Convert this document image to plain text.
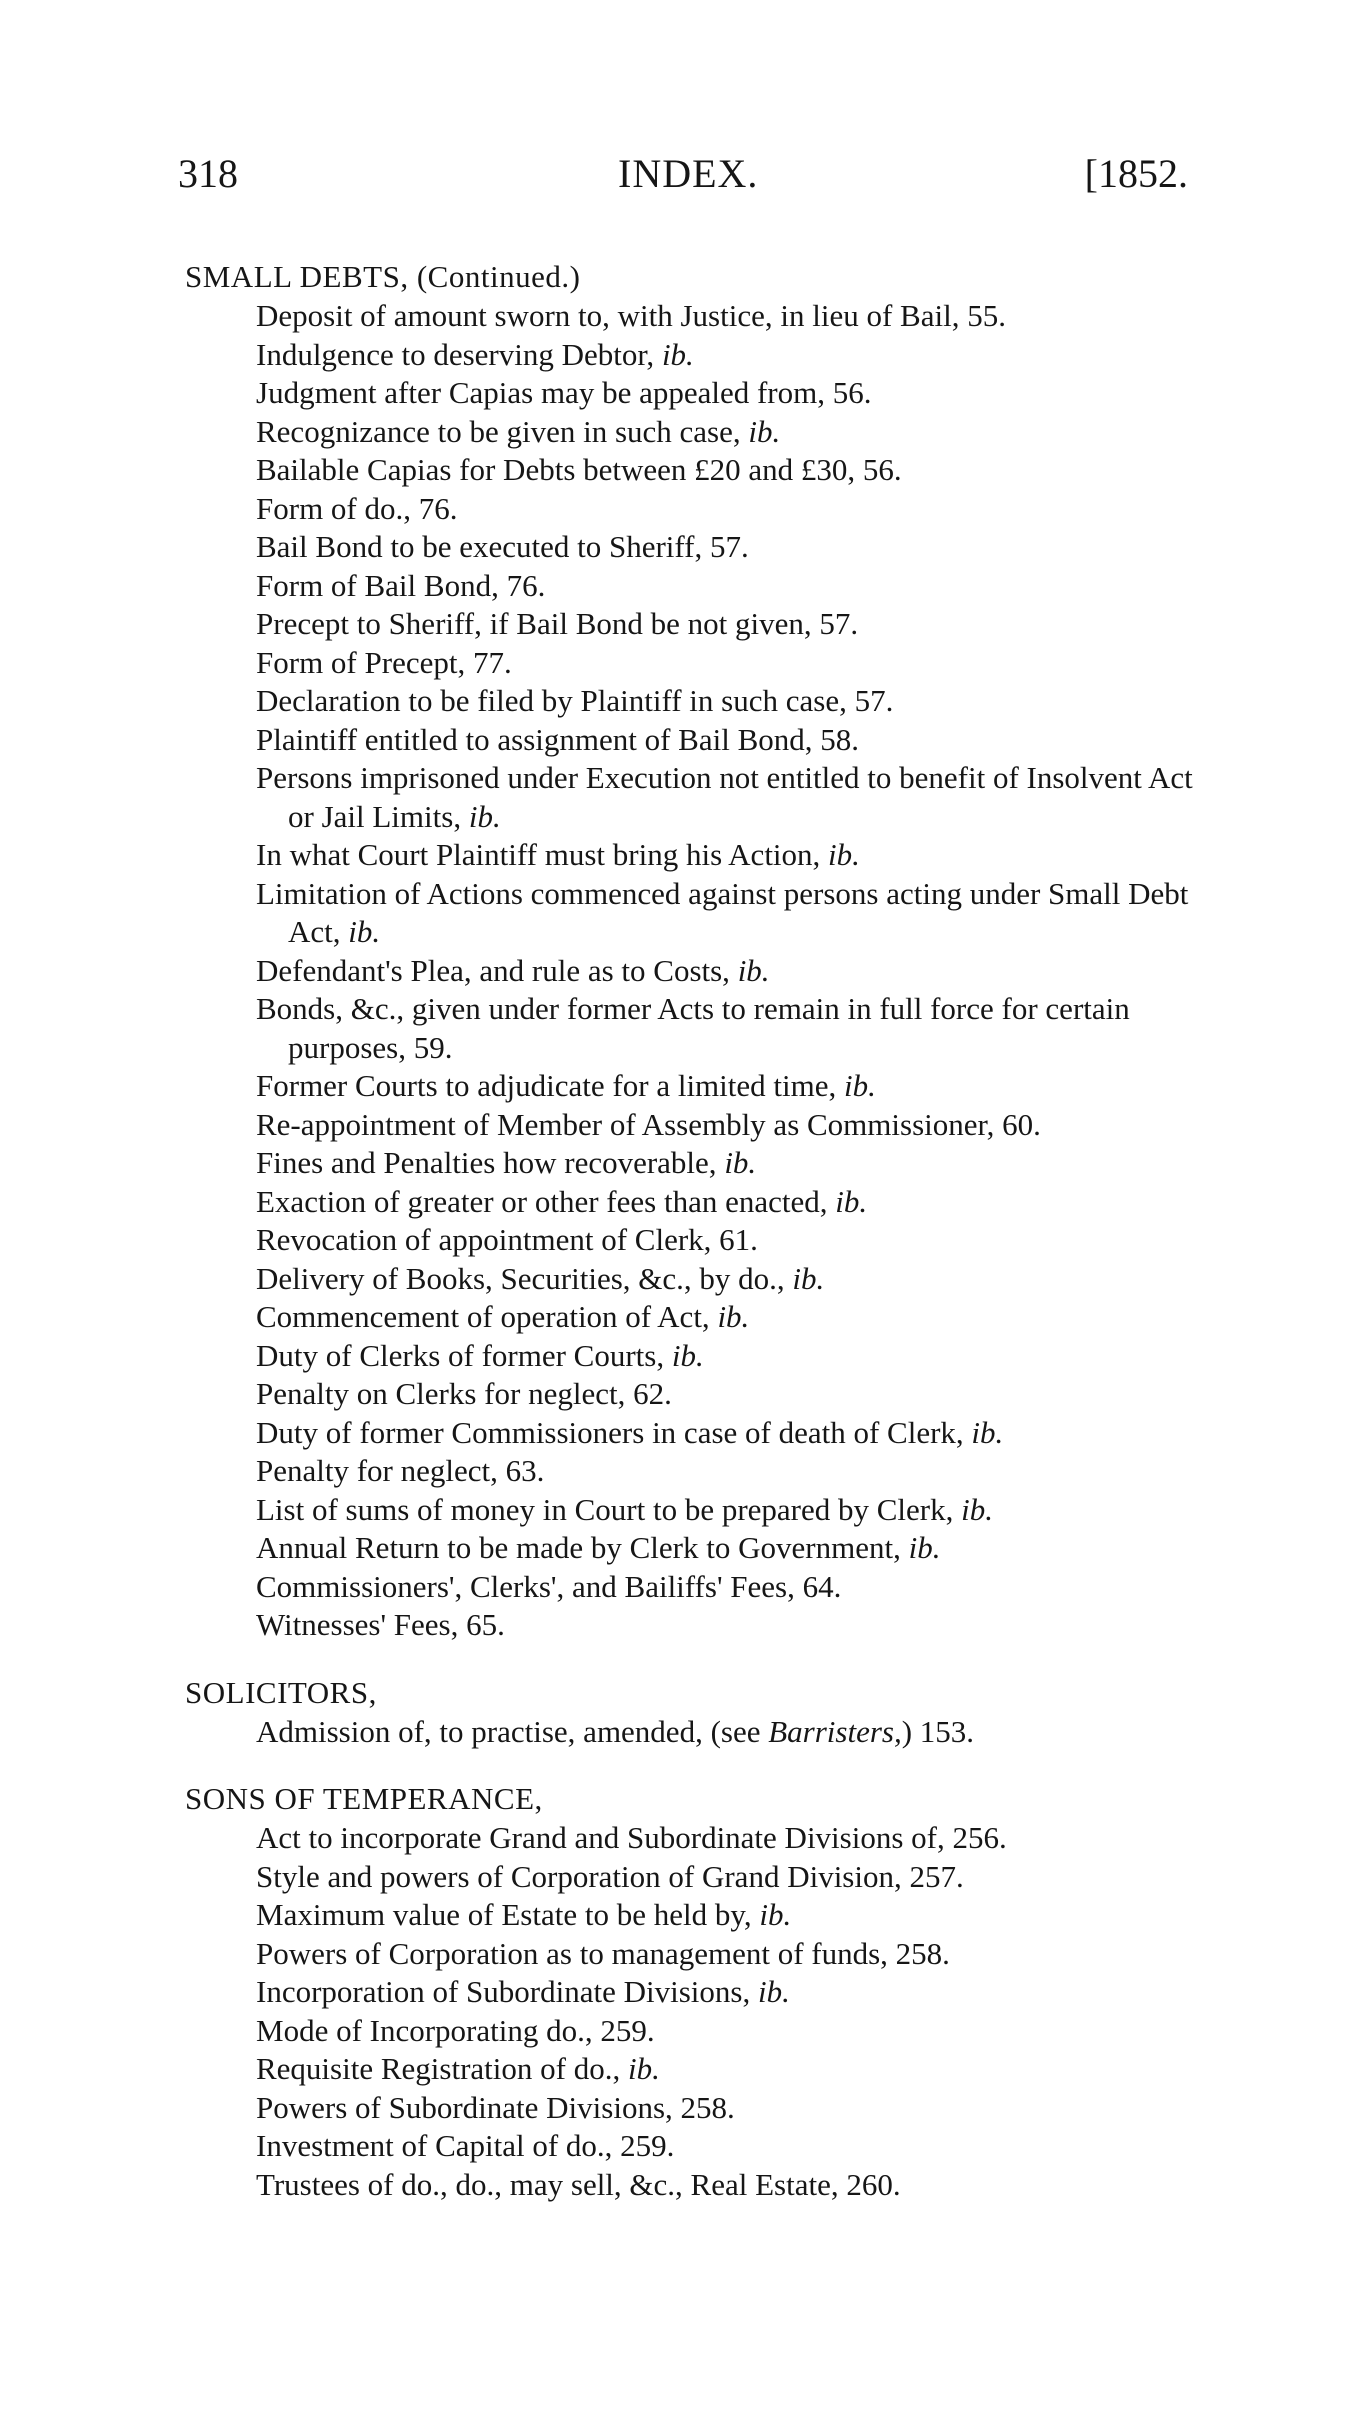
318	INDEX.	[1852.
SMALL DEBTS, (Continued.)
Deposit of amount sworn to, with Justice, in lieu of Bail, 55.
Indulgence to deserving Debtor, ib.
Judgment after Capias may be appealed from, 56.
Recognizance to be given in such case, ib.
Bailable Capias for Debts between £20 and £30, 56.
Form of do., 76.
Bail Bond to be executed to Sheriff, 57.
Form of Bail Bond, 76.
Precept to Sheriff, if Bail Bond be not given, 57.
Form of Precept, 77.
Declaration to be filed by Plaintiff in such case, 57.
Plaintiff entitled to assignment of Bail Bond, 58.
Persons imprisoned under Execution not entitled to benefit of Insolvent Act or Jail Limits, ib.
In what Court Plaintiff must bring his Action, ib.
Limitation of Actions commenced against persons acting under Small Debt Act, ib.
Defendant's Plea, and rule as to Costs, ib.
Bonds, &c., given under former Acts to remain in full force for certain purposes, 59.
Former Courts to adjudicate for a limited time, ib.
Re-appointment of Member of Assembly as Commissioner, 60.
Fines and Penalties how recoverable, ib.
Exaction of greater or other fees than enacted, ib.
Revocation of appointment of Clerk, 61.
Delivery of Books, Securities, &c., by do., ib.
Commencement of operation of Act, ib.
Duty of Clerks of former Courts, ib.
Penalty on Clerks for neglect, 62.
Duty of former Commissioners in case of death of Clerk, ib.
Penalty for neglect, 63.
List of sums of money in Court to be prepared by Clerk, ib.
Annual Return to be made by Clerk to Government, ib.
Commissioners', Clerks', and Bailiffs' Fees, 64.
Witnesses' Fees, 65.
SOLICITORS,
Admission of, to practise, amended, (see Barristers,) 153.
SONS OF TEMPERANCE,
Act to incorporate Grand and Subordinate Divisions of, 256.
Style and powers of Corporation of Grand Division, 257.
Maximum value of Estate to be held by, ib.
Powers of Corporation as to management of funds, 258.
Incorporation of Subordinate Divisions, ib.
Mode of Incorporating do., 259.
Requisite Registration of do., ib.
Powers of Subordinate Divisions, 258.
Investment of Capital of do., 259.
Trustees of do., do., may sell, &c., Real Estate, 260.
